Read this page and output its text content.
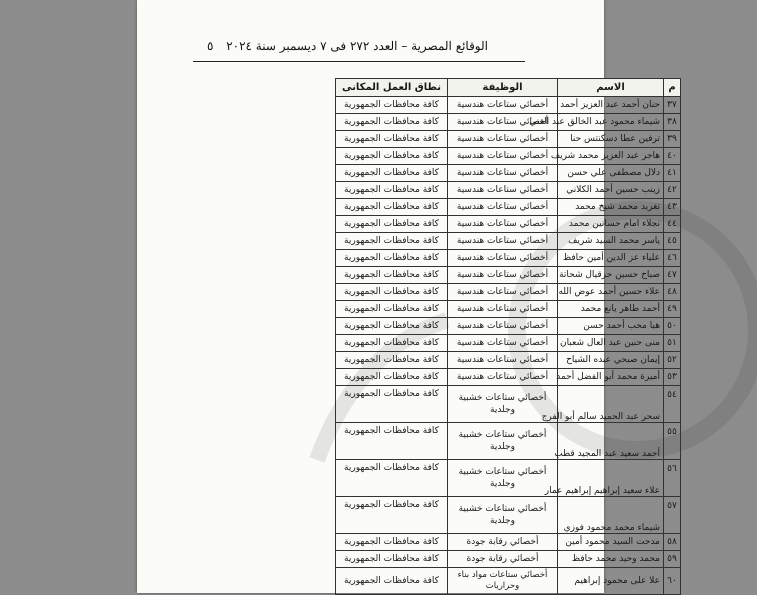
الوقائع المصرية – العدد ٢٧٢ فى ٧ ديسمبر سنة ٢٠٢٤
٥
م	الاسم	الوظيفة	نطاق العمل المكانى
٣٧	حنان أحمد عبد العزيز أحمد	أخصائي ستاعات هندسية	كافة محافظات الجمهورية
٣٨	شيماء محمود عبد الخالق عبد الغني	أخصائي ستاعات هندسية	كافة محافظات الجمهورية
٣٩	ترفين عطا دسكنتس حنا	أخصائي ستاعات هندسية	كافة محافظات الجمهورية
٤٠	هاجر عبد العزيز محمد شريف	أخصائي ستاعات هندسية	كافة محافظات الجمهورية
٤١	دلال مصطفى علي حسن	أخصائي ستاعات هندسية	كافة محافظات الجمهورية
٤٢	زينب حسين أحمد الكلاني	أخصائي ستاعات هندسية	كافة محافظات الجمهورية
٤٣	تغريد محمد شيخ محمد	أخصائي ستاعات هندسية	كافة محافظات الجمهورية
٤٤	نجلاء امام حسانين محمد	أخصائي ستاعات هندسية	كافة محافظات الجمهورية
٤٥	ياسر محمد السيد شريف	أخصائي ستاعات هندسية	كافة محافظات الجمهورية
٤٦	علياء عز الدين أمين حافظ	أخصائي ستاعات هندسية	كافة محافظات الجمهورية
٤٧	صباح حسين حزقيال شحاتة	أخصائي ستاعات هندسية	كافة محافظات الجمهورية
٤٨	علاء حسين أحمد عوض الله	أخصائي ستاعات هندسية	كافة محافظات الجمهورية
٤٩	أحمد طاهر يانع محمد	أخصائي ستاعات هندسية	كافة محافظات الجمهورية
٥٠	هبا محب أحمد حسن	أخصائي ستاعات هندسية	كافة محافظات الجمهورية
٥١	منى حنين عبد العال شعبان	أخصائي ستاعات هندسية	كافة محافظات الجمهورية
٥٢	إيمان صبحي عبده الشياح	أخصائي ستاعات هندسية	كافة محافظات الجمهورية
٥٣	أميرة محمد أبو الفضل أحمد	أخصائي ستاعات هندسية	كافة محافظات الجمهورية
٥٤	سحر عبد الحميد سالم أبو الفرج	أخصائي ستاعات خشبية وجلدية	كافة محافظات الجمهورية
٥٥	أحمد سعيد عبد المجيد قطب	أخصائي ستاعات خشبية وجلدية	كافة محافظات الجمهورية
٥٦	علاء سعيد إبراهيم إبراهيم عمار	أخصائي ستاعات خشبية وجلدية	كافة محافظات الجمهورية
٥٧	شيماء محمد محمود فوزي	أخصائي ستاعات خشبية وجلدية	كافة محافظات الجمهورية
٥٨	مدحت السيد محمود أمين	أخصائي رقابة جودة	كافة محافظات الجمهورية
٥٩	محمد وحيد محمد حافظ	أخصائي رقابة جودة	كافة محافظات الجمهورية
٦٠	علا على محمود إبراهيم	أخصائي ستاعات مواد بناء وحراريات	كافة محافظات الجمهورية
